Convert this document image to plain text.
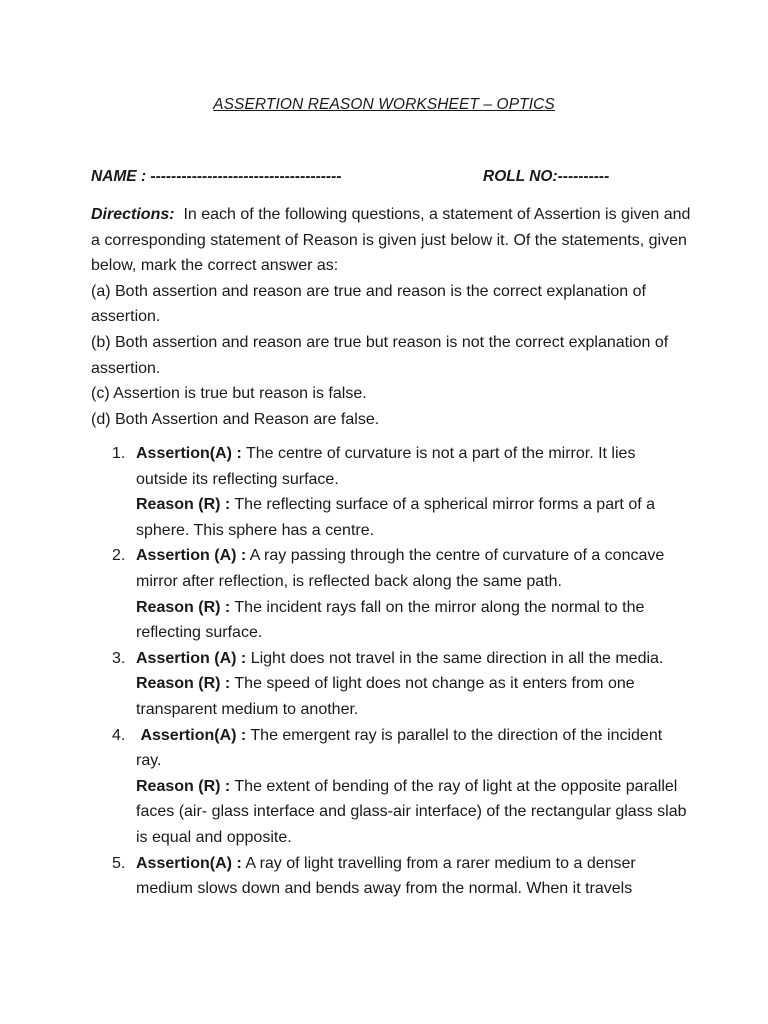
ASSERTION REASON WORKSHEET – OPTICS
NAME : -------------------------------------	ROLL NO:----------

Directions: In each of the following questions, a statement of Assertion is given and a corresponding statement of Reason is given just below it. Of the statements, given below, mark the correct answer as:

(a) Both assertion and reason are true and reason is the correct explanation of assertion.

(b) Both assertion and reason are true but reason is not the correct explanation of assertion.

(c) Assertion is true but reason is false.

(d) Both Assertion and Reason are false.

1. Assertion(A) : The centre of curvature is not a part of the mirror. It lies outside its reflecting surface.
Reason (R) : The reflecting surface of a spherical mirror forms a part of a sphere. This sphere has a centre.
2. Assertion (A) : A ray passing through the centre of curvature of a concave mirror after reflection, is reflected back along the same path.
Reason (R) : The incident rays fall on the mirror along the normal to the reflecting surface.
3. Assertion (A) : Light does not travel in the same direction in all the media.
Reason (R) : The speed of light does not change as it enters from one transparent medium to another.
4. Assertion(A) : The emergent ray is parallel to the direction of the incident ray.
Reason (R) : The extent of bending of the ray of light at the opposite parallel faces (air- glass interface and glass-air interface) of the rectangular glass slab is equal and opposite.
5. Assertion(A) : A ray of light travelling from a rarer medium to a denser medium slows down and bends away from the normal. When it travels
